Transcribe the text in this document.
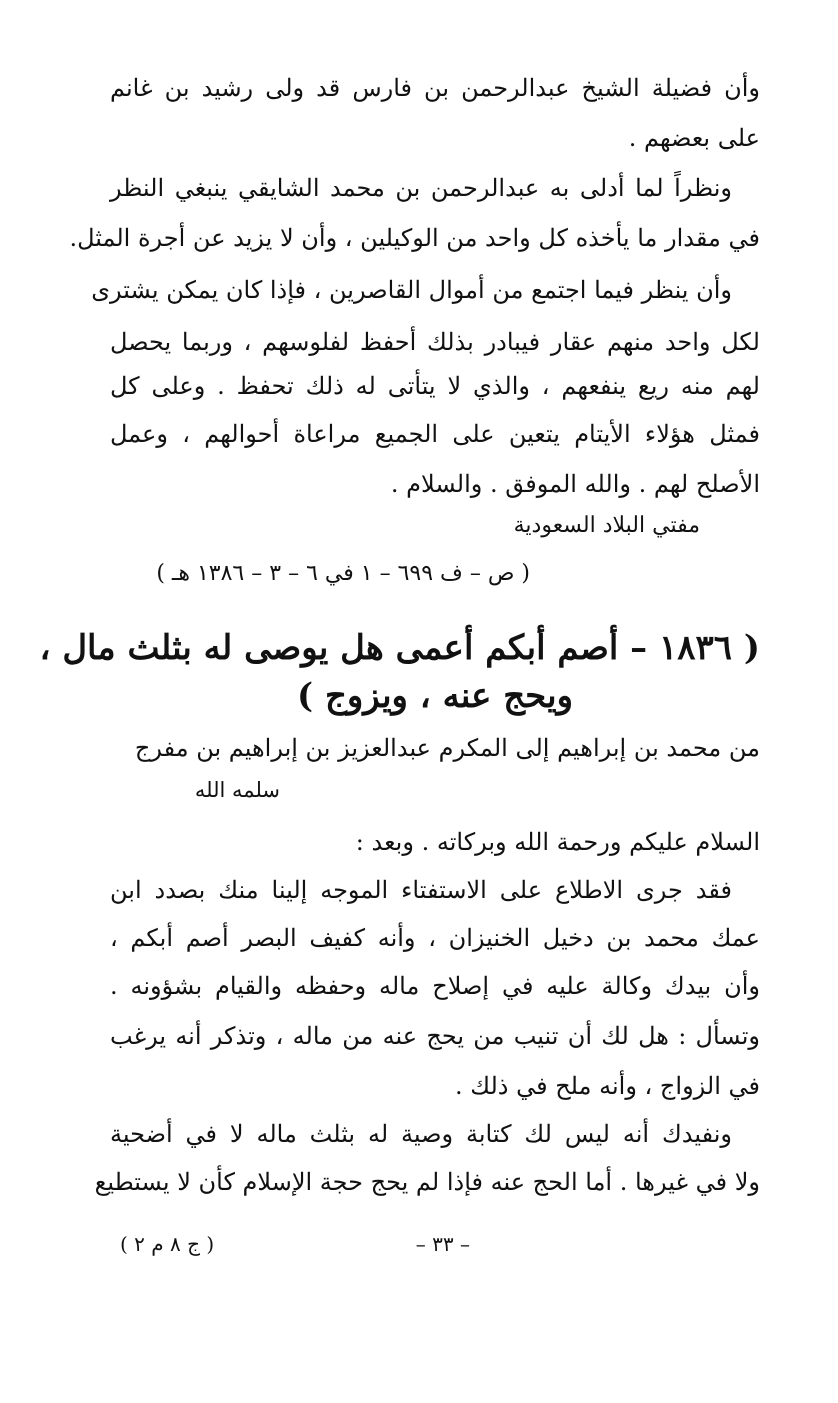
وأن فضيلة الشيخ عبدالرحمن بن فارس قد ولى رشيد بن غانم
على بعضهم .
ونظراً لما أدلى به عبدالرحمن بن محمد الشايقي ينبغي النظر
في مقدار ما يأخذه كل واحد من الوكيلين ، وأن لا يزيد عن أجرة المثل.
وأن ينظر فيما اجتمع من أموال القاصرين ، فإذا كان يمكن يشترى
لكل واحد منهم عقار فيبادر بذلك أحفظ لفلوسهم ، وربما يحصل
لهم منه ريع ينفعهم ، والذي لا يتأتى له ذلك تحفظ . وعلى كل
فمثل هؤلاء الأيتام يتعين على الجميع مراعاة أحوالهم ، وعمل
الأصلح لهم . والله الموفق . والسلام .
مفتي البلاد السعودية
( ص – ف ٦٩٩ – ١ في ٦ – ٣ – ١٣٨٦ هـ )
( ١٨٣٦ – أصم أبكم أعمى هل يوصى له بثلث مال ،
ويحج عنه ، ويزوج )
من محمد بن إبراهيم إلى المكرم عبدالعزيز بن إبراهيم بن مفرج
سلمه الله
السلام عليكم ورحمة الله وبركاته . وبعد :
فقد جرى الاطلاع على الاستفتاء الموجه إلينا منك بصدد ابن
عمك محمد بن دخيل الخنيزان ، وأنه كفيف البصر أصم أبكم ،
وأن بيدك وكالة عليه في إصلاح ماله وحفظه والقيام بشؤونه .
وتسأل : هل لك أن تنيب من يحج عنه من ماله ، وتذكر أنه يرغب
في الزواج ، وأنه ملح في ذلك .
ونفيدك أنه ليس لك كتابة وصية له بثلث ماله لا في أضحية
ولا في غيرها . أما الحج عنه فإذا لم يحج حجة الإسلام كأن لا يستطيع
– ٣٣ –
( ج ٨ م ٢ )
